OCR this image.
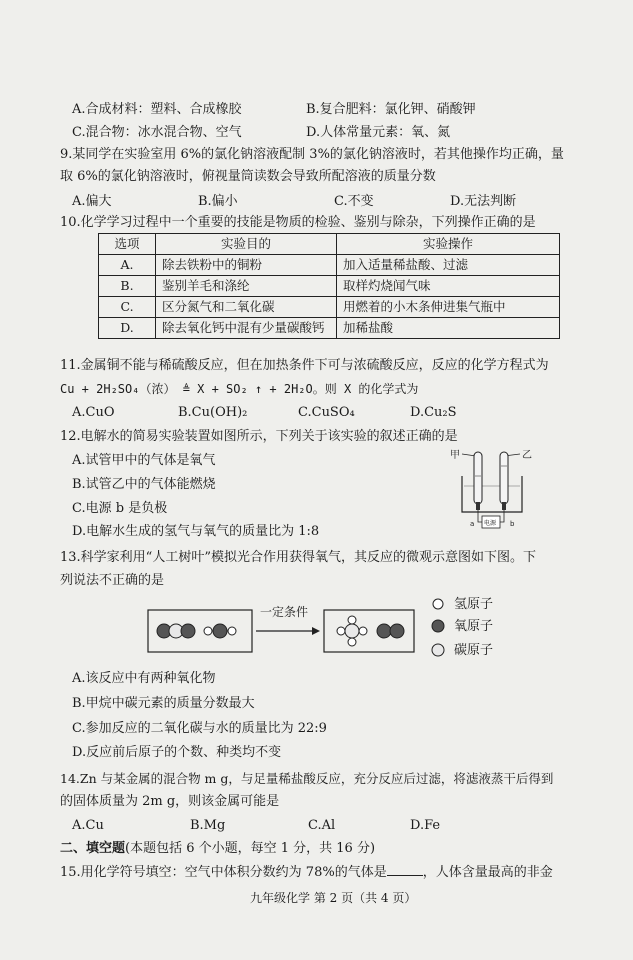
A.合成材料：塑料、合成橡胶	B.复合肥料：氯化钾、硝酸钾
C.混合物：冰水混合物、空气	D.人体常量元素：氧、氮
9.某同学在实验室用 6%的氯化钠溶液配制 3%的氯化钠溶液时，若其他操作均正确，量
取 6%的氯化钠溶液时，俯视量筒读数会导致所配溶液的质量分数
A.偏大	B.偏小	C.不变	D.无法判断
10.化学学习过程中一个重要的技能是物质的检验、鉴别与除杂，下列操作正确的是
选项	实验目的	实验操作
A.	除去铁粉中的铜粉	加入适量稀盐酸、过滤
B.	鉴别羊毛和涤纶	取样灼烧闻气味
C.	区分氮气和二氧化碳	用燃着的小木条伸进集气瓶中
D.	除去氧化钙中混有少量碳酸钙	加稀盐酸
11.金属铜不能与稀硫酸反应，但在加热条件下可与浓硫酸反应，反应的化学方程式为
Cu + 2H₂SO₄（浓） ≜ X + SO₂ ↑ + 2H₂O。则 X 的化学式为
A.CuO	B.Cu(OH)₂	C.CuSO₄	D.Cu₂S
12.电解水的简易实验装置如图所示，下列关于该实验的叙述正确的是
A.试管甲中的气体是氧气
B.试管乙中的气体能燃烧
C.电源 b 是负极
D.电解水生成的氢气与氧气的质量比为 1:8
甲	乙
电源
a	b
13.科学家利用“人工树叶”模拟光合作用获得氧气，其反应的微观示意图如下图。下
列说法不正确的是
一定条件	氢原子
氧原子
碳原子
A.该反应中有两种氧化物
B.甲烷中碳元素的质量分数最大
C.参加反应的二氧化碳与水的质量比为 22:9
D.反应前后原子的个数、种类均不变
14.Zn 与某金属的混合物 m g，与足量稀盐酸反应，充分反应后过滤，将滤液蒸干后得到
的固体质量为 2m g，则该金属可能是
A.Cu	B.Mg	C.Al	D.Fe
二、填空题(本题包括 6 个小题，每空 1 分，共 16 分)
15.用化学符号填空：空气中体积分数约为 78%的气体是	，人体含量最高的非金
九年级化学 第 2 页（共 4 页）
